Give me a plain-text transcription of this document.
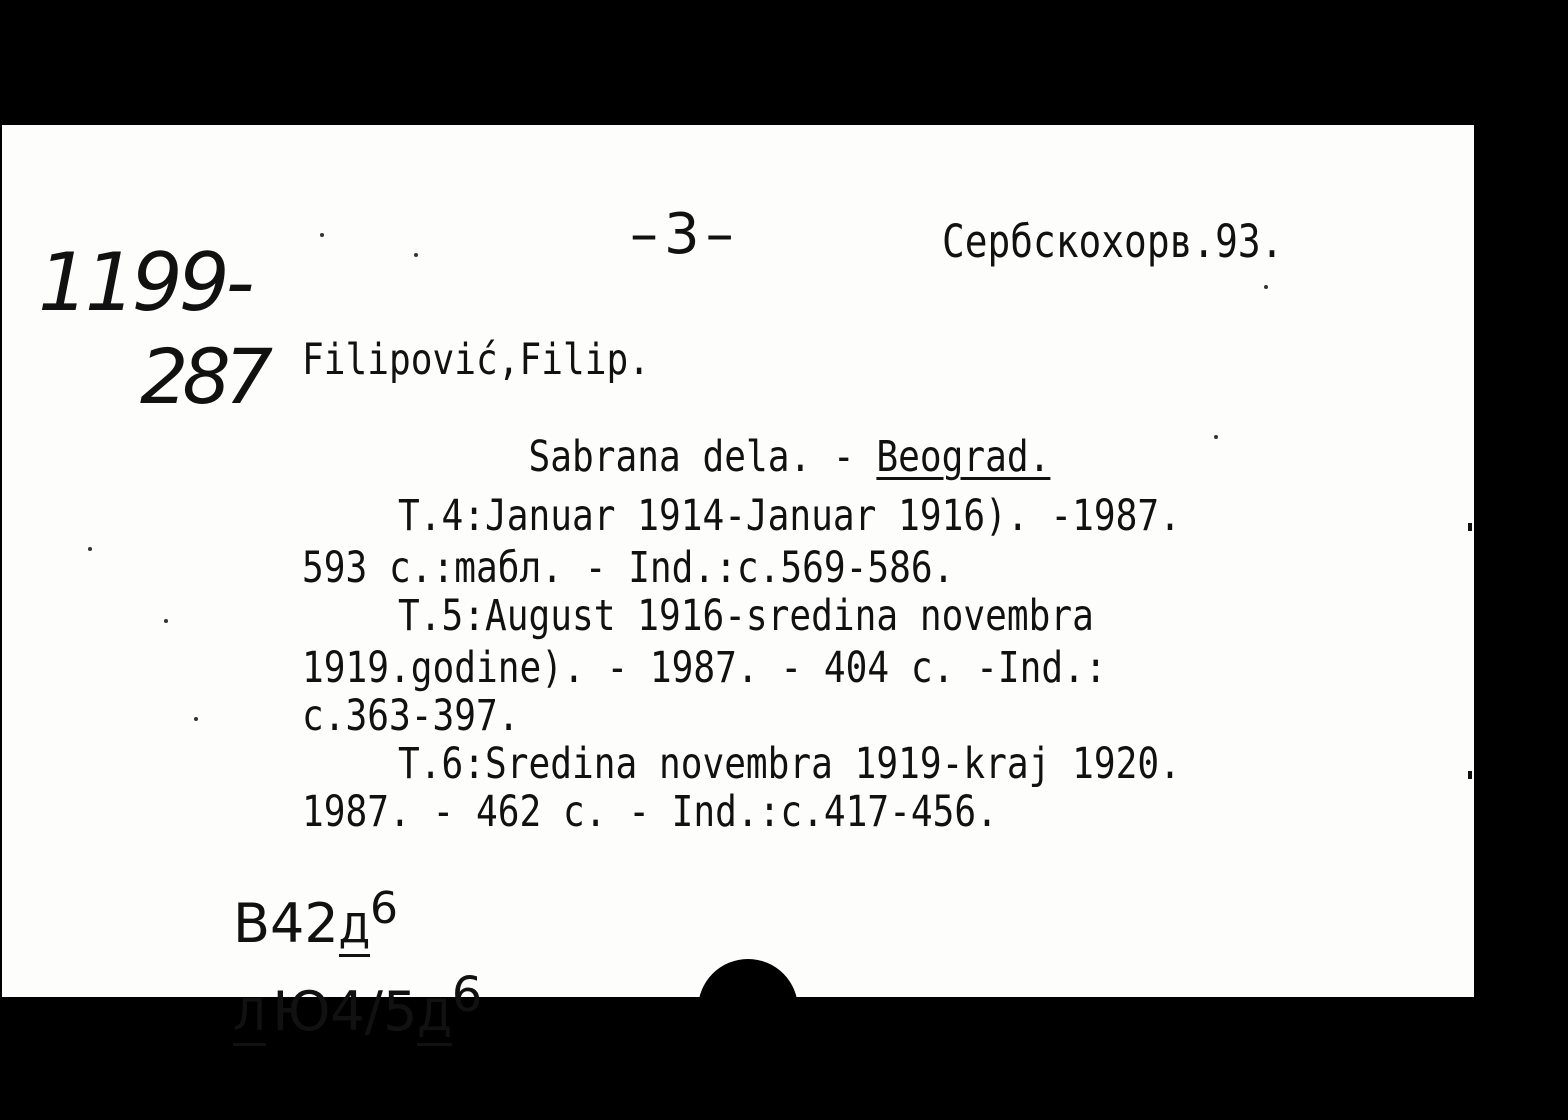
–3–	Сербскохорв.93.
1199-
287 Filipović,Filip.

Sabrana dela. - Beograd.

T.4:Januar 1914-Januar 1916). -1987.
593 c.:maбл. - Ind.:c.569-586.
T.5:August 1916-sredina novembra
1919.godine). - 1987. - 404 c. -Ind.:
c.363-397.
T.6:Sredina novembra 1919-kraj 1920.
1987. - 462 c. - Ind.:c.417-456.

$В42Д^6$

Л $Ю4/5Д^6$
